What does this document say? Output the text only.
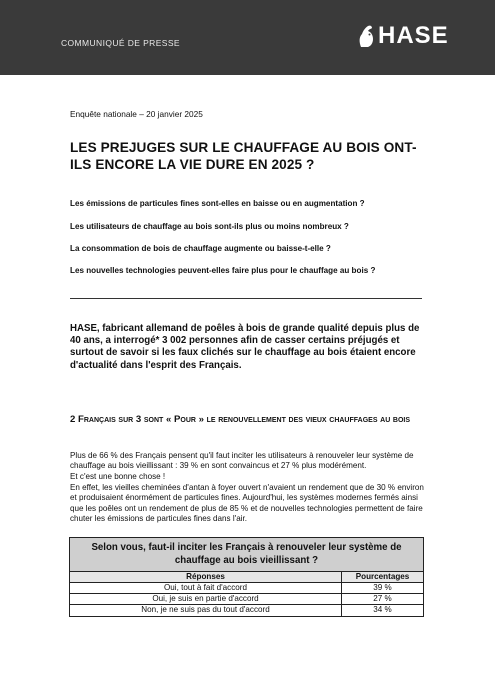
COMMUNIQUÉ DE PRESSE	HASE
Enquête nationale – 20 janvier 2025
LES PREJUGES SUR LE CHAUFFAGE AU BOIS ONT-ILS ENCORE LA VIE DURE EN 2025 ?
Les émissions de particules fines sont-elles en baisse ou en augmentation ?
Les utilisateurs de chauffage au bois sont-ils plus ou moins nombreux ?
La consommation de bois de chauffage augmente ou baisse-t-elle ?
Les nouvelles technologies peuvent-elles faire plus pour le chauffage au bois ?
HASE, fabricant allemand de poêles à bois de grande qualité depuis plus de 40 ans, a interrogé* 3 002 personnes afin de casser certains préjugés et surtout de savoir si les faux clichés sur le chauffage au bois étaient encore d'actualité dans l'esprit des Français.
2 Français sur 3 sont « Pour » le renouvellement des vieux chauffages au bois
Plus de 66 % des Français pensent qu'il faut inciter les utilisateurs à renouveler leur système de chauffage au bois vieillissant : 39 % en sont convaincus et 27 % plus modérément.
Et c'est une bonne chose !
En effet, les vieilles cheminées d'antan à foyer ouvert n'avaient un rendement que de 30 % environ et produisaient énormément de particules fines. Aujourd'hui, les systèmes modernes fermés ainsi que les poêles ont un rendement de plus de 85 % et de nouvelles technologies permettent de faire chuter les émissions de particules fines dans l'air.
Selon vous, faut-il inciter les Français à renouveler leur système de chauffage au bois vieillissant ?
Réponses	Pourcentages
Oui, tout à fait d'accord	39 %
Oui, je suis en partie d'accord	27 %
Non, je ne suis pas du tout d'accord	34 %
